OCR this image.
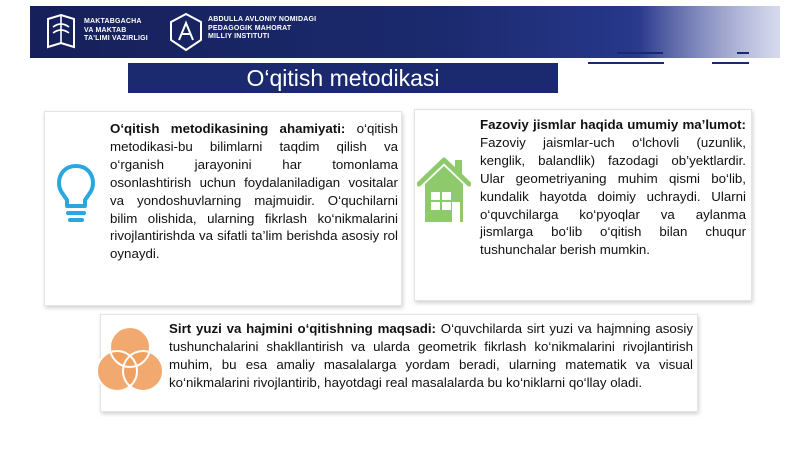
MAKTABGACHA
VA MAKTAB
TA'LIMI VAZIRLIGI
ABDULLA AVLONIY NOMIDAGI
PEDAGOGIK MAHORAT
MILLIY INSTITUTI
O‘qitish metodikasi
O‘qitish metodikasining ahamiyati: o‘qitish metodikasi-bu bilimlarni taqdim qilish va o‘rganish jarayonini har tomonlama osonlashtirish uchun foydalaniladigan vositalar va yondoshuvlarning majmuidir. O‘quchilarni bilim olishida, ularning fikrlash ko‘nikmalarini rivojlantirishda va sifatli ta’lim berishda asosiy rol oynaydi.
Fazoviy jismlar haqida umumiy ma’lumot: Fazoviy jaismlar-uch o‘lchovli (uzunlik, kenglik, balandlik) fazodagi ob’yektlardir. Ular geometriyaning muhim qismi bo‘lib, kundalik hayotda doimiy uchraydi. Ularni o‘quvchilarga ko‘pyoqlar va aylanma jismlarga bo‘lib o‘qitish bilan chuqur tushunchalar berish mumkin.
Sirt yuzi va hajmini o‘qitishning maqsadi: O‘quvchilarda sirt yuzi va hajmning asosiy tushunchalarini shakllantirish va ularda geometrik fikrlash ko‘nikmalarini rivojlantirish muhim, bu esa amaliy masalalarga yordam beradi, ularning matematik va visual ko‘nikmalarini rivojlantirib, hayotdagi real masalalarda bu ko‘niklarni qo‘llay oladi.
